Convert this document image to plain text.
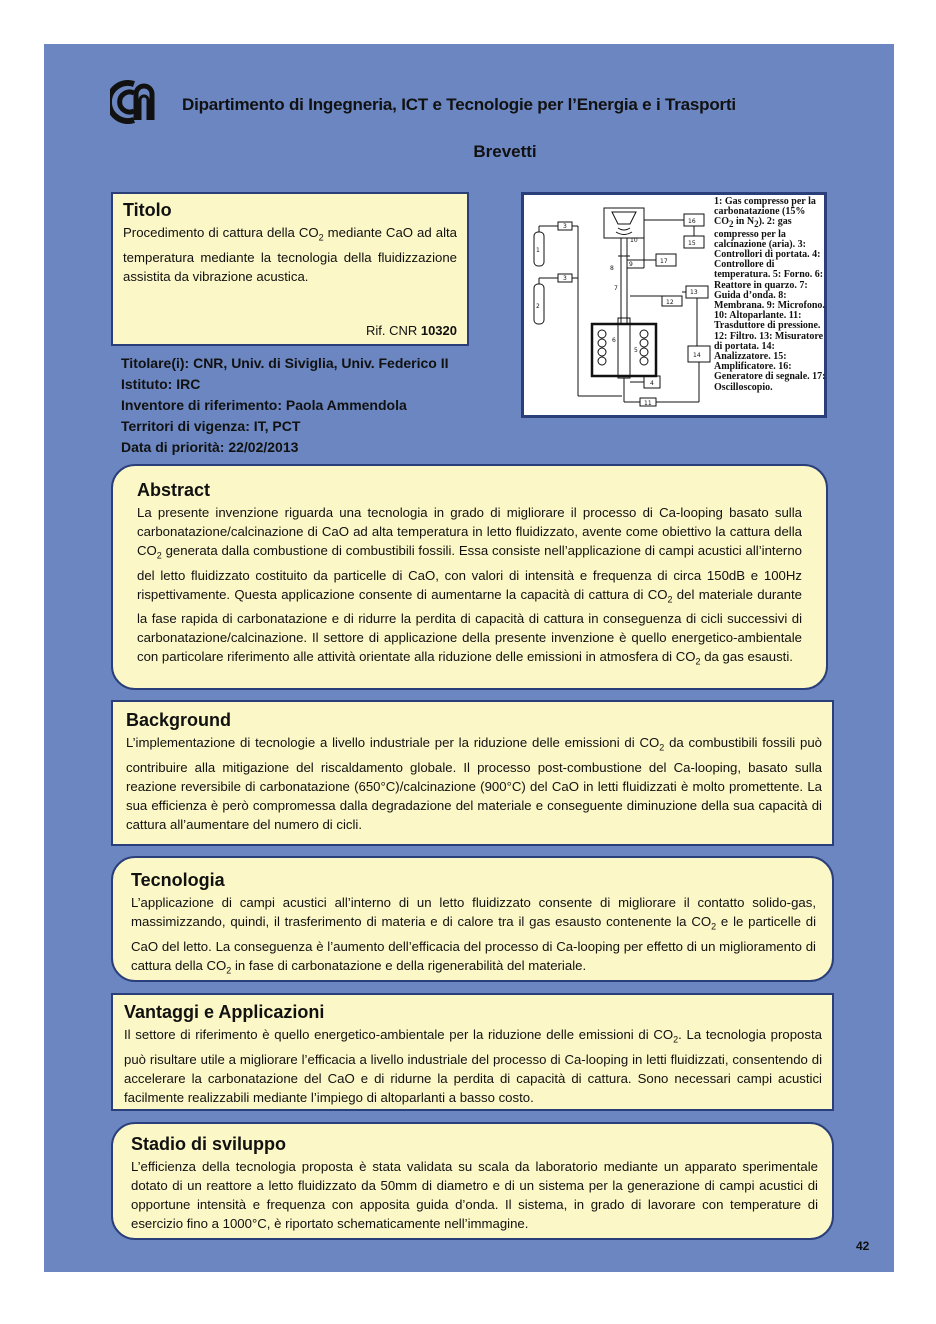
Dipartimento di Ingegneria, ICT e Tecnologie per l’Energia e i Trasporti
Brevetti
Titolo

Procedimento di cattura della $CO_2$ mediante CaO ad alta temperatura mediante la tecnologia della fluidizzazione assistita da vibrazione acustica.

Rif. CNR 10320
Titolare(i): CNR, Univ. di Siviglia, Univ. Federico II
Istituto: IRC
Inventore di riferimento: Paola Ammendola
Territori di vigenza: IT, PCT
Data di priorità: 22/02/2013
1
2
3
3
4
5
6
7
8
9
10
11
12
13
14
15
16
17
1: Gas compresso per la carbonatazione (15% $CO_2$ in $N_2$). 2: gas compresso per la calcinazione (aria). 3: Controllori di portata. 4: Controllore di temperatura. 5: Forno. 6: Reattore in quarzo. 7: Guida d’onda. 8: Membrana. 9: Microfono. 10: Altoparlante. 11: Trasduttore di pressione. 12: Filtro. 13: Misuratore di portata. 14: Analizzatore. 15: Amplificatore. 16: Generatore di segnale. 17: Oscilloscopio.
Abstract

La presente invenzione riguarda una tecnologia in grado di migliorare il processo di Ca-looping basato sulla carbonatazione/calcinazione di CaO ad alta temperatura in letto fluidizzato, avente come obiettivo la cattura della $CO_2$ generata dalla combustione di combustibili fossili. Essa consiste nell’applicazione di campi acustici all’interno del letto fluidizzato costituito da particelle di CaO, con valori di intensità e frequenza di circa 150dB e 100Hz rispettivamente. Questa applicazione consente di aumentarne la capacità di cattura di $CO_2$ del materiale durante la fase rapida di carbonatazione e di ridurre la perdita di capacità di cattura in conseguenza di cicli successivi di carbonatazione/calcinazione. Il settore di applicazione della presente invenzione è quello energetico-ambientale con particolare riferimento alle attività orientate alla riduzione delle emissioni in atmosfera di $CO_2$ da gas esausti.

Background

L’implementazione di tecnologie a livello industriale per la riduzione delle emissioni di $CO_2$ da combustibili fossili può contribuire alla mitigazione del riscaldamento globale. Il processo post-combustione del Ca-looping, basato sulla reazione reversibile di carbonatazione (650°C)/calcinazione (900°C) del CaO in letti fluidizzati è molto promettente. La sua efficienza è però compromessa dalla degradazione del materiale e conseguente diminuzione della sua capacità di cattura all’aumentare del numero di cicli.

Tecnologia

L’applicazione di campi acustici all’interno di un letto fluidizzato consente di migliorare il contatto solido-gas, massimizzando, quindi, il trasferimento di materia e di calore tra il gas esausto contenente la $CO_2$ e le particelle di CaO del letto. La conseguenza è l’aumento dell’efficacia del processo di Ca-looping per effetto di un miglioramento di cattura della $CO_2$ in fase di carbonatazione e della rigenerabilità del materiale.

Vantaggi e Applicazioni

Il settore di riferimento è quello energetico-ambientale per la riduzione delle emissioni di $CO_2$. La tecnologia proposta può risultare utile a migliorare l’efficacia a livello industriale del processo di Ca-looping in letti fluidizzati, consentendo di accelerare la carbonatazione del CaO e di ridurne la perdita di capacità di cattura. Sono necessari campi acustici facilmente realizzabili mediante l’impiego di altoparlanti a basso costo.

Stadio di sviluppo

L’efficienza della tecnologia proposta è stata validata su scala da laboratorio mediante un apparato sperimentale dotato di un reattore a letto fluidizzato da 50mm di diametro e di un sistema per la generazione di campi acustici di opportune intensità e frequenza con apposita guida d’onda. Il sistema, in grado di lavorare con temperature di esercizio fino a 1000°C, è riportato schematicamente nell’immagine.

42
